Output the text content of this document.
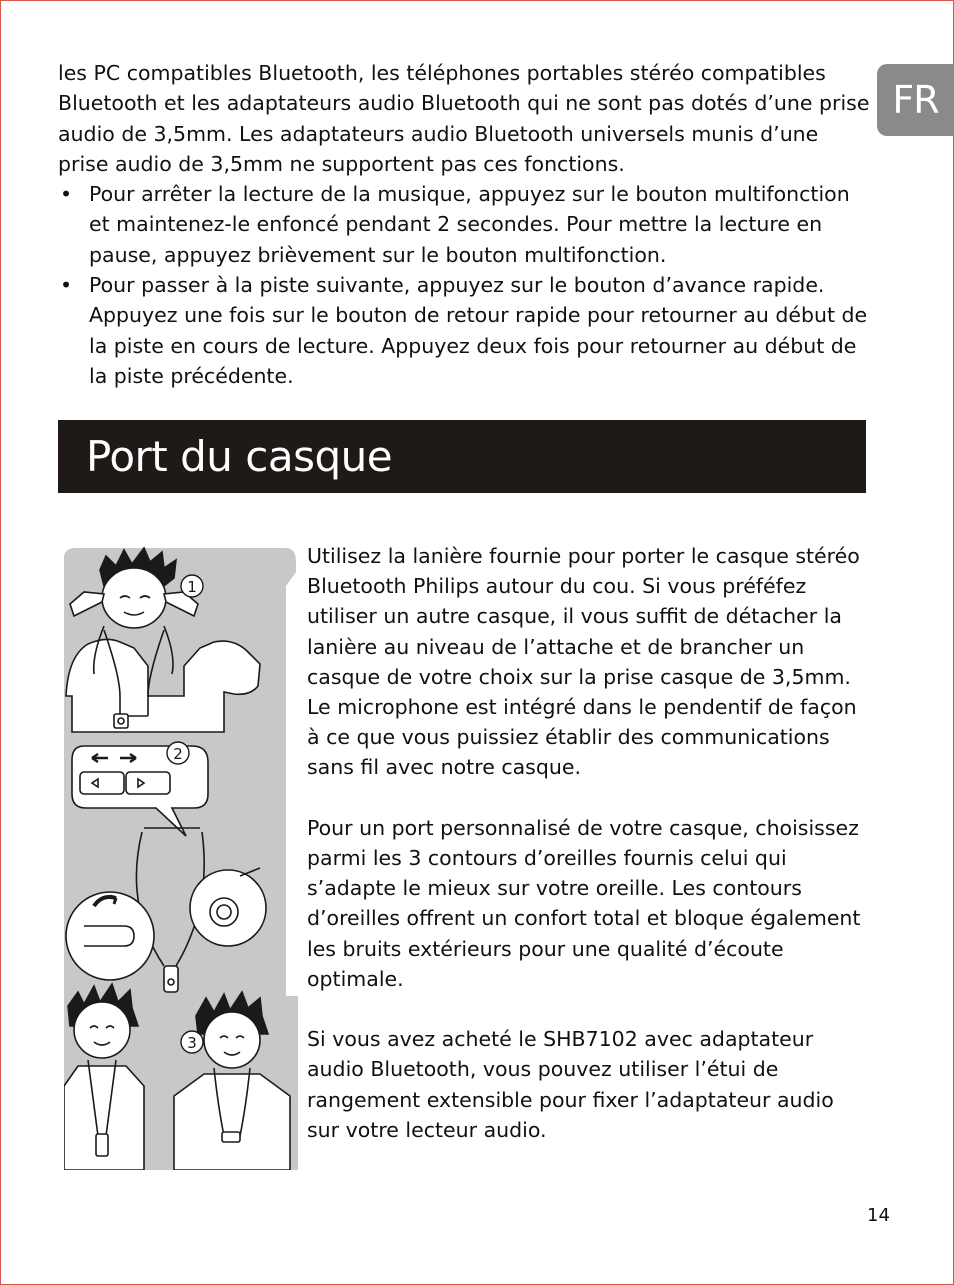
FR

les PC compatibles Bluetooth, les téléphones portables stéréo compatibles Bluetooth et les adaptateurs audio Bluetooth qui ne sont pas dotés d’une prise audio de 3,5mm. Les adaptateurs audio Bluetooth universels munis d’une prise audio de 3,5mm ne supportent pas ces fonctions.

• Pour arrêter la lecture de la musique, appuyez sur le bouton multifonction et maintenez-le enfoncé pendant 2 secondes. Pour mettre la lecture en pause, appuyez brièvement sur le bouton multifonction.
• Pour passer à la piste suivante, appuyez sur le bouton d’avance rapide. Appuyez une fois sur le bouton de retour rapide pour retourner au début de la piste en cours de lecture. Appuyez deux fois pour retourner au début de la piste précédente.
Port du casque
1
2
3

Utilisez la lanière fournie pour porter le casque stéréo Bluetooth Philips autour du cou. Si vous préféfez utiliser un autre casque, il vous suffit de détacher la lanière au niveau de l’attache et de brancher un casque de votre choix sur la prise casque de 3,5mm. Le microphone est intégré dans le pendentif de façon à ce que vous puissiez établir des communications sans fil avec notre casque.

Pour un port personnalisé de votre casque, choisissez parmi les 3 contours d’oreilles fournis celui qui s’adapte le mieux sur votre oreille. Les contours d’oreilles offrent un confort total et bloque également les bruits extérieurs pour une qualité d’écoute optimale.

Si vous avez acheté le SHB7102 avec adaptateur audio Bluetooth, vous pouvez utiliser l’étui de rangement extensible pour fixer l’adaptateur audio sur votre lecteur audio.

14
